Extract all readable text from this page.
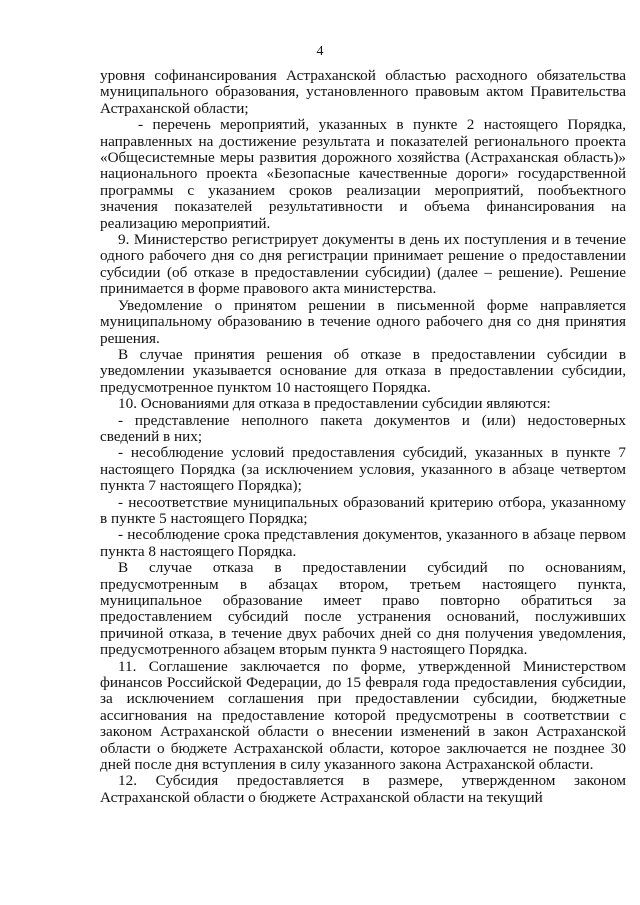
4

уровня софинансирования Астраханской областью расходного обязательства муниципального образования, установленного правовым актом Правительства Астраханской области;

- перечень мероприятий, указанных в пункте 2 настоящего Порядка, направленных на достижение результата и показателей регионального проекта «Общесистемные меры развития дорожного хозяйства (Астраханская область)» национального проекта «Безопасные качественные дороги» государственной программы с указанием сроков реализации мероприятий, пообъектного значения показателей результативности и объема финансирования на реализацию мероприятий.

9. Министерство регистрирует документы в день их поступления и в течение одного рабочего дня со дня регистрации принимает решение о предоставлении субсидии (об отказе в предоставлении субсидии) (далее – решение). Решение принимается в форме правового акта министерства.

Уведомление о принятом решении в письменной форме направляется муниципальному образованию в течение одного рабочего дня со дня принятия решения.

В случае принятия решения об отказе в предоставлении субсидии в уведомлении указывается основание для отказа в предоставлении субсидии, предусмотренное пунктом 10 настоящего Порядка.

10. Основаниями для отказа в предоставлении субсидии являются:

- представление неполного пакета документов и (или) недостоверных сведений в них;

- несоблюдение условий предоставления субсидий, указанных в пункте 7 настоящего Порядка (за исключением условия, указанного в абзаце четвертом пункта 7 настоящего Порядка);

- несоответствие муниципальных образований критерию отбора, указанному в пункте 5 настоящего Порядка;

- несоблюдение срока представления документов, указанного в абзаце первом пункта 8 настоящего Порядка.

В случае отказа в предоставлении субсидий по основаниям, предусмотренным в абзацах втором, третьем настоящего пункта, муниципальное образование имеет право повторно обратиться за предоставлением субсидий после устранения оснований, послуживших причиной отказа, в течение двух рабочих дней со дня получения уведомления, предусмотренного абзацем вторым пункта 9 настоящего Порядка.

11. Соглашение заключается по форме, утвержденной Министерством финансов Российской Федерации, до 15 февраля года предоставления субсидии, за исключением соглашения при предоставлении субсидии, бюджетные ассигнования на предоставление которой предусмотрены в соответствии с законом Астраханской области о внесении изменений в закон Астраханской области о бюджете Астраханской области, которое заключается не позднее 30 дней после дня вступления в силу указанного закона Астраханской области.

12. Субсидия предоставляется в размере, утвержденном законом Астраханской области о бюджете Астраханской области на текущий
